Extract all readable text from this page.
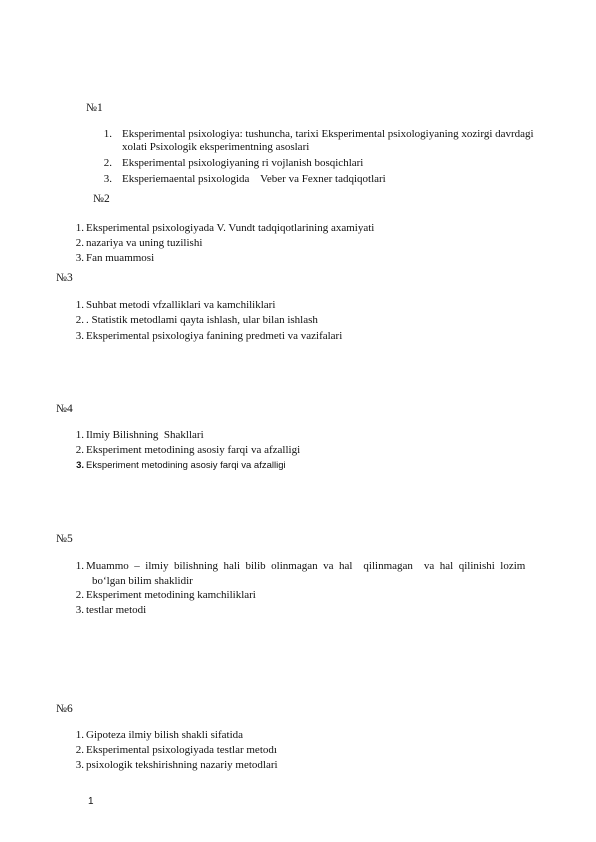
№1
1. Eksperimental psixologiya: tushuncha, tarixi Eksperimental psixologiyaning xozirgi davrdagi xolati Psixologik eksperimentning asoslari
2. Eksperimental psixologiyaning ri vojlanish bosqichlari
3. Eksperiemaental psixologida    Veber va Fexner tadqiqotlari
№2
1. Eksperimental psixologiyada V. Vundt tadqiqotlarining axamiyati
2. nazariya va uning tuzilishi
3. Fan muammosi
№3
1. Suhbat metodi vfzalliklari va kamchiliklari
2. . Statistik metodlami qayta ishlash, ular bilan ishlash
3. Eksperimental psixologiya fanining predmeti va vazifalari
№4
1. Ilmiy Bilishning  Shakllari
2. Eksperiment metodining asosiy farqi va afzalligi
3. Eksperiment metodining asosiy farqi va afzalligi
№5
1. Muammo  –  ilmiy  bilishning  hali  bilib  olinmagan  va  hal    qilinmagan    va  hal  qilinishi  lozim
bo‘lgan bilim shaklidir
2. Eksperiment metodining kamchiliklari
3. testlar metodi
№6
1. Gipoteza ilmiy bilish shakli sifatida
2. Eksperimental psixologiyada testlar metodı
3. psixologik tekshirishning nazariy metodlari
1
